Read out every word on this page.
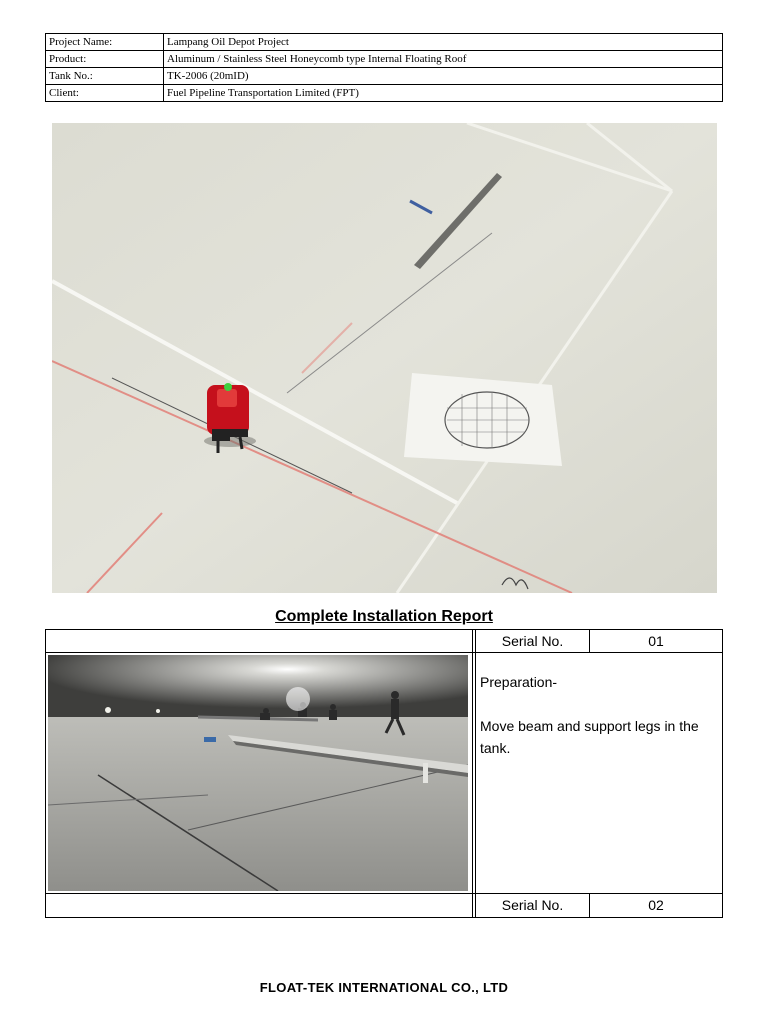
Project Name:	Lampang Oil Depot Project
Product:	Aluminum / Stainless Steel Honeycomb type Internal Floating Roof
Tank No.:	TK-2006 (20mID)
Client:	Fuel Pipeline Transportation Limited (FPT)
Complete Installation Report
Serial No.	01

Preparation-

Move beam and support legs in the tank.

Serial No.	02
FLOAT-TEK INTERNATIONAL CO., LTD
